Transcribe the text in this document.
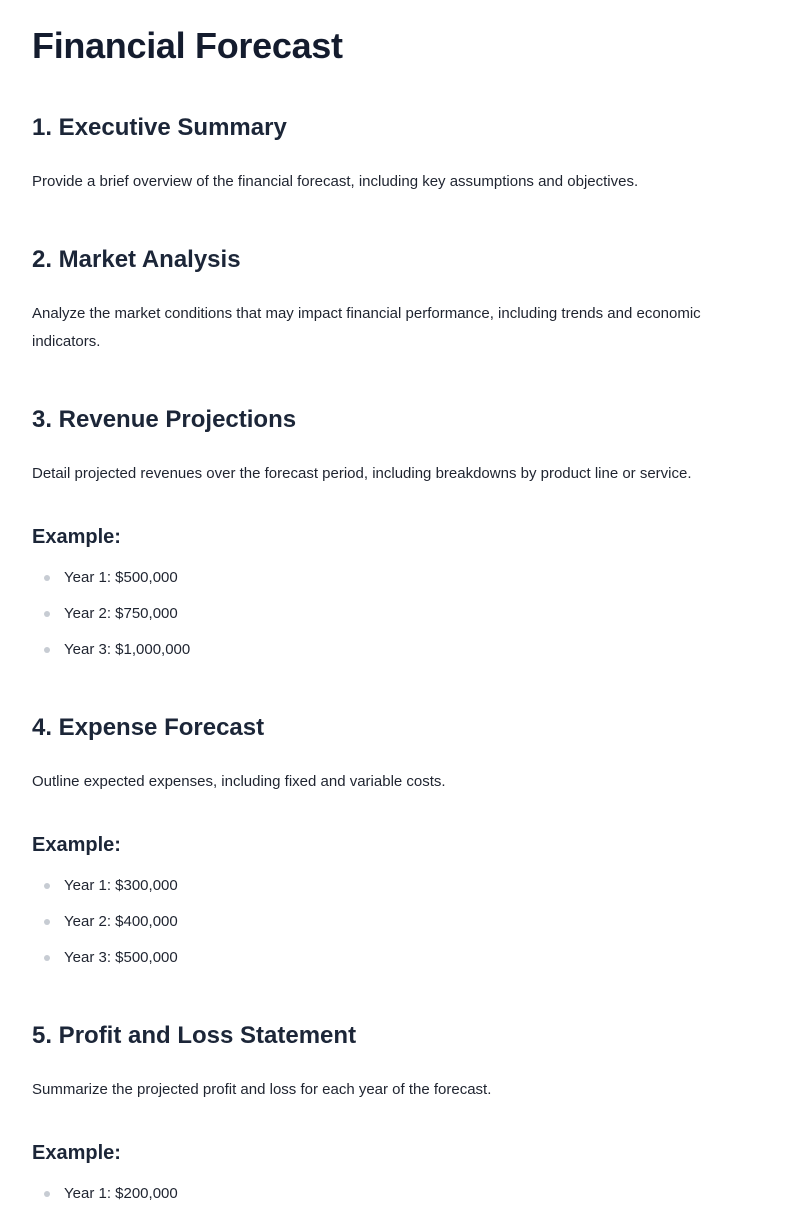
Financial Forecast
1. Executive Summary

Provide a brief overview of the financial forecast, including key assumptions and objectives.

2. Market Analysis

Analyze the market conditions that may impact financial performance, including trends and economic indicators.

3. Revenue Projections

Detail projected revenues over the forecast period, including breakdowns by product line or service.

Example:
Year 1: $500,000
Year 2: $750,000
Year 3: $1,000,000
4. Expense Forecast

Outline expected expenses, including fixed and variable costs.

Example:
Year 1: $300,000
Year 2: $400,000
Year 3: $500,000
5. Profit and Loss Statement

Summarize the projected profit and loss for each year of the forecast.

Example:
Year 1: $200,000
